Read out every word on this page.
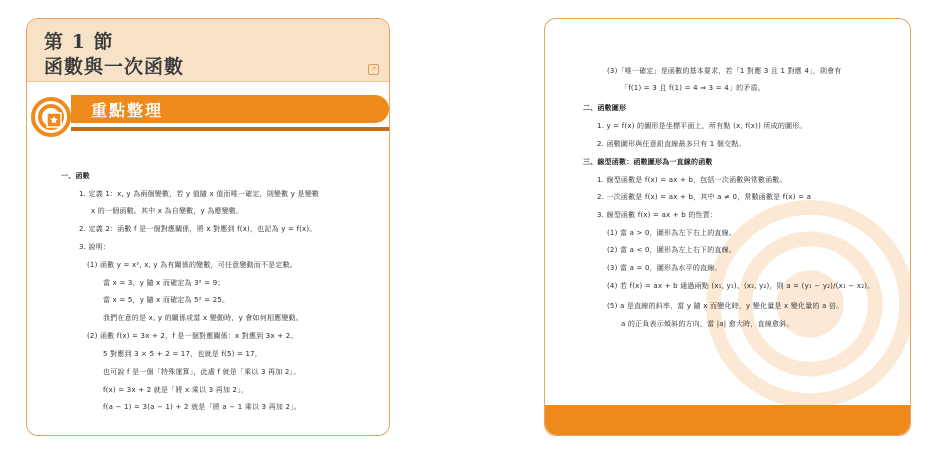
第 1 節
函數與一次函數	↗
重點整理
一、函數
1. 定義 1：x, y 為兩個變數，若 y 值隨 x 值而唯一確定，則變數 y 是變數
x 的一個函數。其中 x 為自變數，y 為應變數。
2. 定義 2：函數 f 是一個對應關係，將 x 對應到 f(x)，也記為 y = f(x)。
3. 說明：
(1) 函數 y = x², x, y 為有關係的變數，可任意變動而不是定數。
當 x = 3，y 隨 x 而確定為 3² = 9；
當 x = 5，y 隨 x 而確定為 5² = 25。
我們在意的是 x, y 的關係或當 x 變動時，y 會如何相應變動。
(2) 函數 f(x) = 3x + 2，f 是一個對應關係：x 對應到 3x + 2。
5 對應到 3 × 5 + 2 = 17，也就是 f(5) = 17，
也可說 f 是一個「特殊運算」，此處 f 就是「乘以 3 再加 2」。
f(x) = 3x + 2 就是「將 x 乘以 3 再加 2」，
f(a − 1) = 3(a − 1) + 2 就是「將 a − 1 乘以 3 再加 2」。
(3)「唯一確定」是函數的基本要求，若「1 對應 3 且 1 對應 4」，則會有
「f(1) = 3 且 f(1) = 4 ⇒ 3 = 4」的矛盾。
二、函數圖形
1. y = f(x) 的圖形是坐標平面上，所有點 (x, f(x)) 所成的圖形。
2. 函數圖形與任意鉛直線最多只有 1 個交點。
三、線型函數：函數圖形為一直線的函數
1. 線型函數是 f(x) = ax + b，包括一次函數與常數函數。
2. 一次函數是 f(x) = ax + b，其中 a ≠ 0，常數函數是 f(x) = a
3. 線型函數 f(x) = ax + b 的性質：
(1) 當 a > 0，圖形為左下右上的直線。
(2) 當 a < 0，圖形為左上右下的直線。
(3) 當 a = 0，圖形為水平的直線。
(4) 若 f(x) = ax + b 通過兩點 (x₁, y₁)、(x₂, y₂)，則 a = (y₁ − y₂)/(x₁ − x₂)。
(5) a 是直線的斜率，當 y 隨 x 而變化時，y 變化量是 x 變化量的 a 倍。
a 的正負表示傾斜的方向，當 |a| 愈大時，直線愈斜。
